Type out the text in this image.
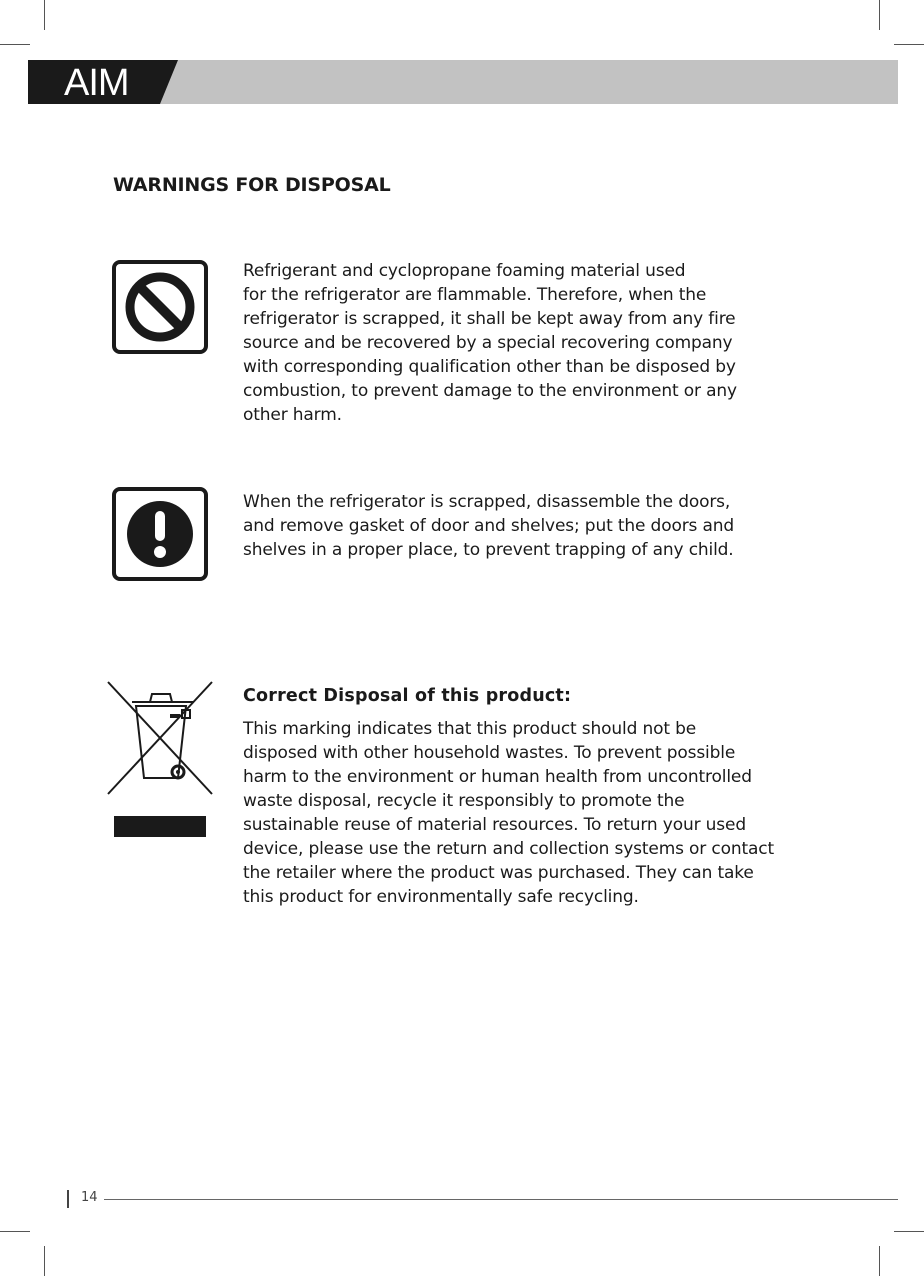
AIM
WARNINGS FOR DISPOSAL
Refrigerant and cyclopropane foaming material used
for the refrigerator are flammable. Therefore, when the
refrigerator is scrapped, it shall be kept away from any fire
source and be recovered by a special recovering company
with corresponding qualification other than be disposed by
combustion, to prevent damage to the environment or any
other harm.
When the refrigerator is scrapped, disassemble the doors,
and remove gasket of door and shelves; put the doors and
shelves in a proper place, to prevent trapping of any child.
Correct Disposal of this product:
This marking indicates that this product should not be
disposed with other household wastes. To prevent possible
harm to the environment or human health from uncontrolled
waste disposal, recycle it responsibly to promote the
sustainable reuse of material resources. To return your used
device, please use the return and collection systems or contact
the retailer where the product was purchased. They can take
this product for environmentally safe recycling.
14
